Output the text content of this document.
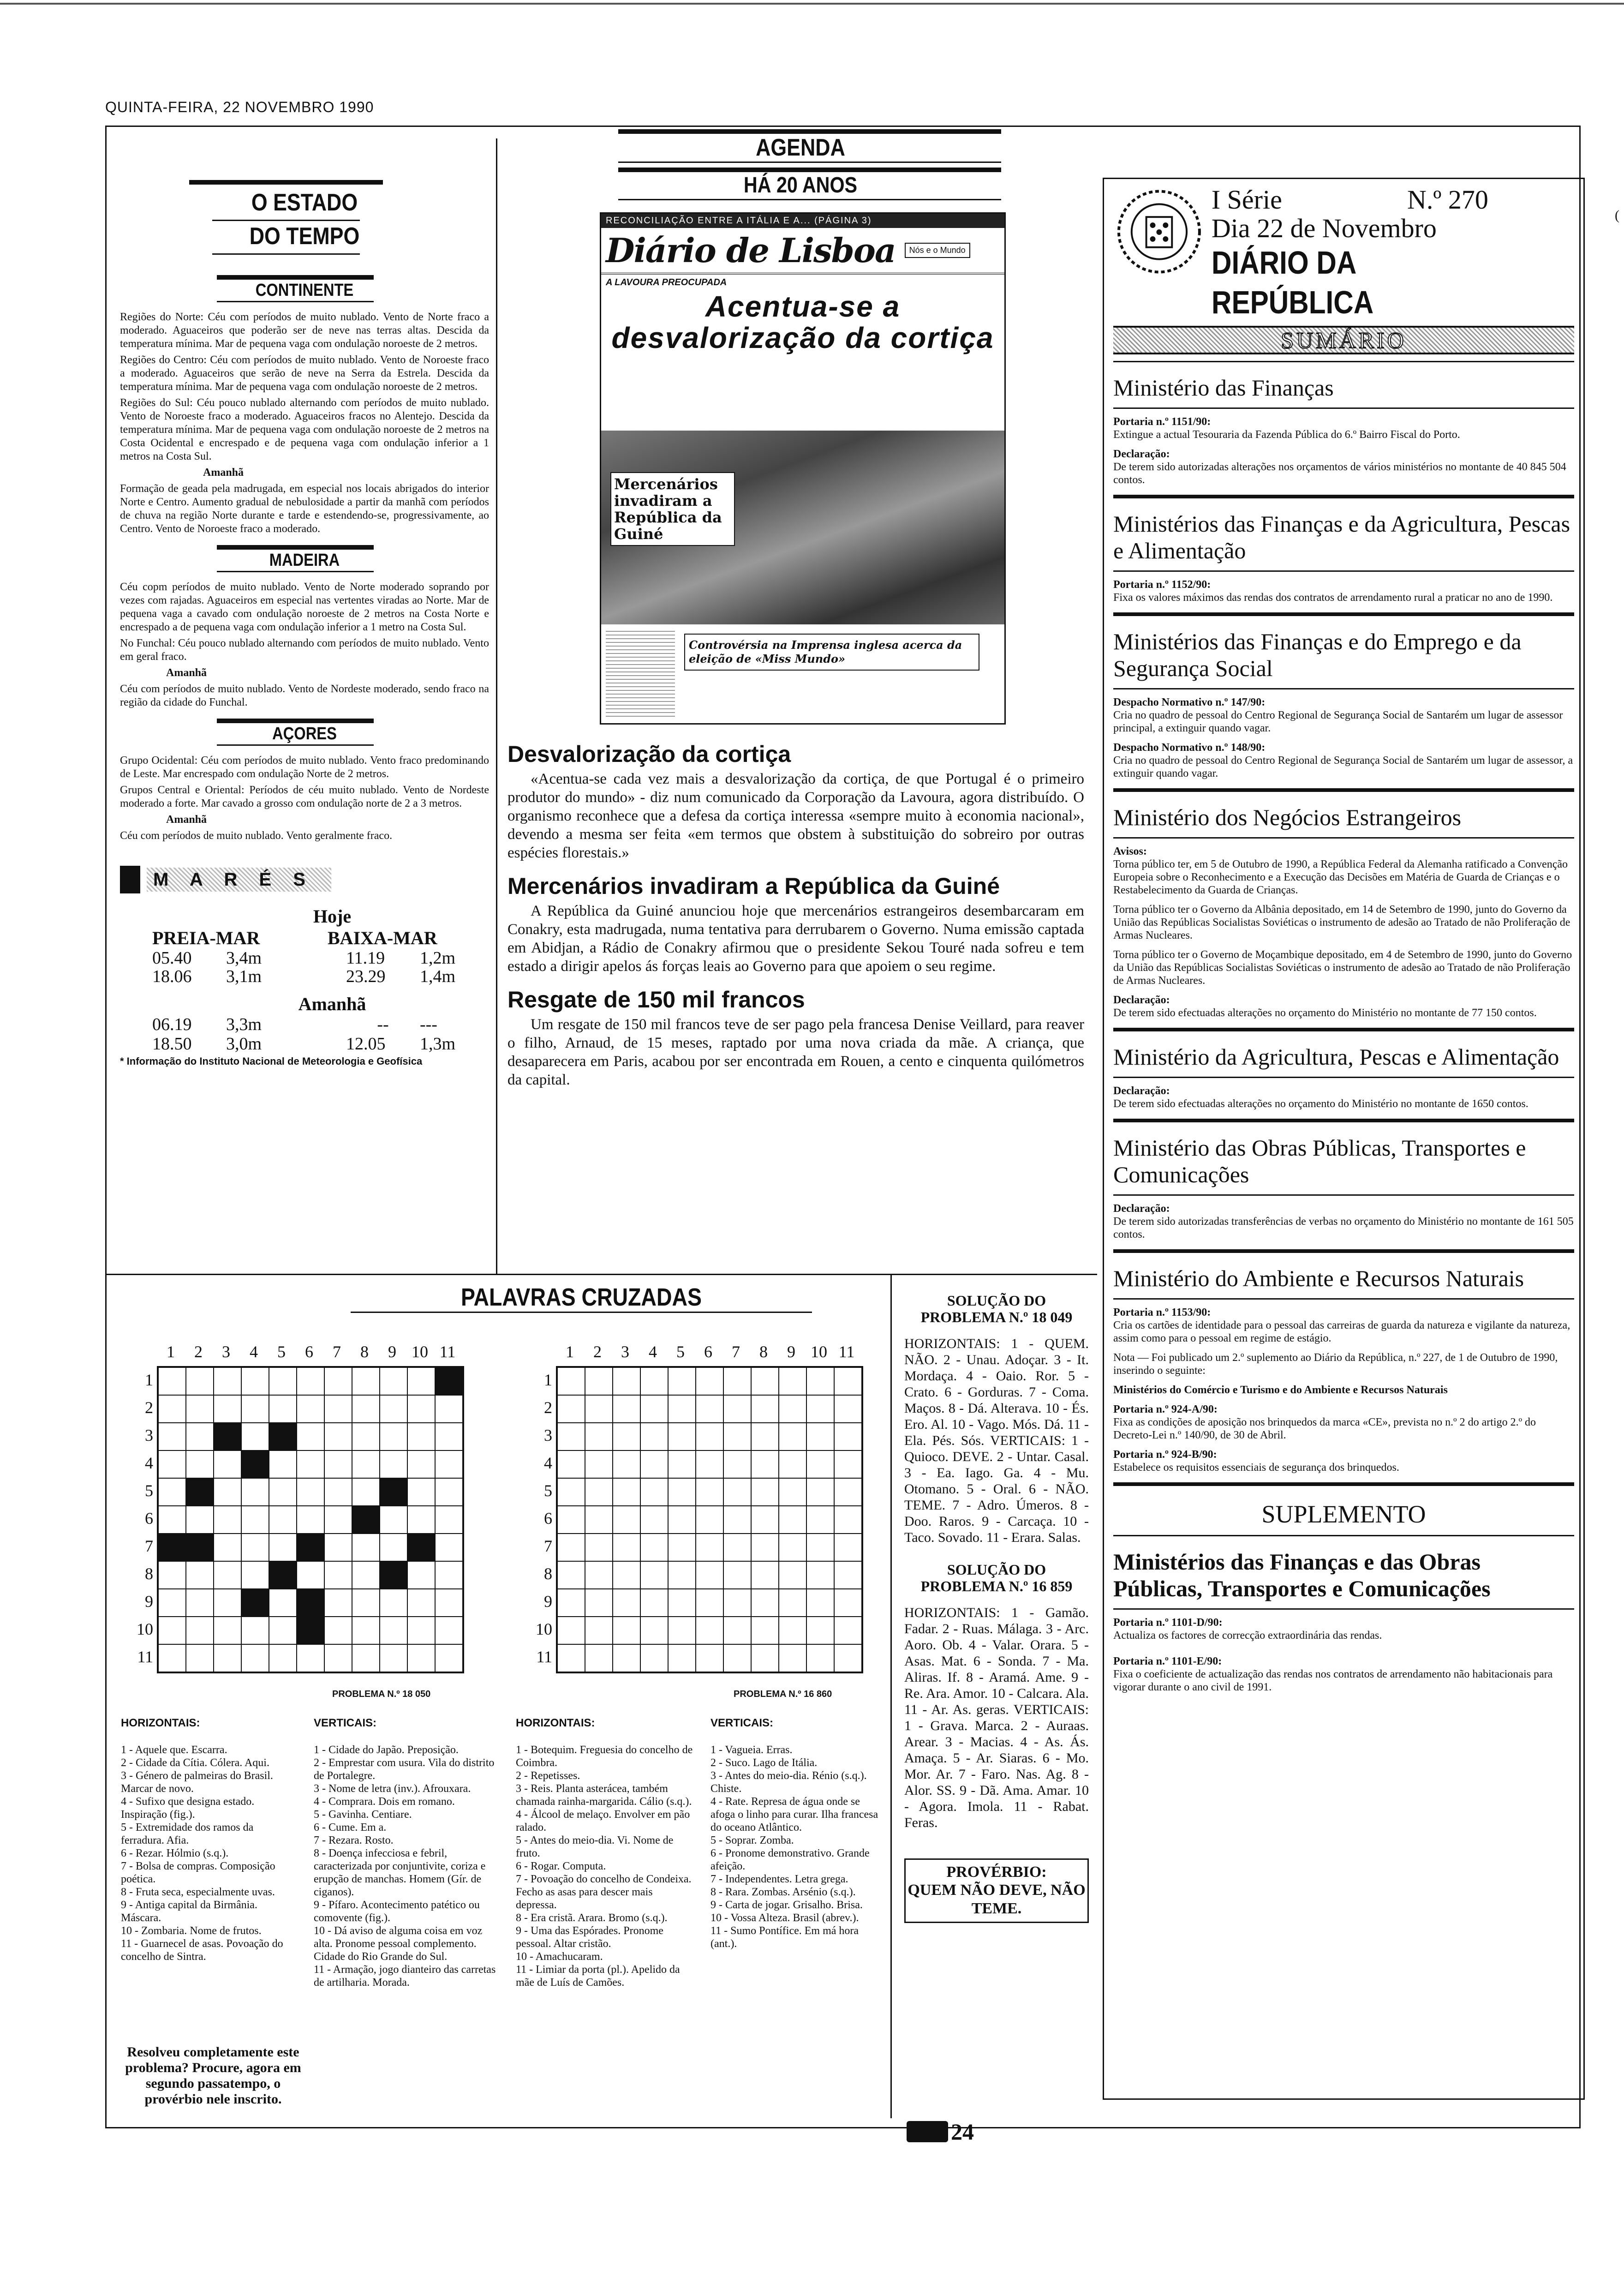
QUINTA-FEIRA, 22 NOVEMBRO 1990
O ESTADO
DO TEMPO
CONTINENTE

Regiões do Norte: Céu com períodos de muito nublado. Vento de Norte fraco a moderado. Aguaceiros que poderão ser de neve nas terras altas. Descida da temperatura mínima. Mar de pequena vaga com ondulação noroeste de 2 metros.

Regiões do Centro: Céu com períodos de muito nublado. Vento de Noroeste fraco a moderado. Aguaceiros que serão de neve na Serra da Estrela. Descida da temperatura mínima. Mar de pequena vaga com ondulação noroeste de 2 metros.

Regiões do Sul: Céu pouco nublado alternando com períodos de muito nublado. Vento de Noroeste fraco a moderado. Aguaceiros fracos no Alentejo. Descida da temperatura mínima. Mar de pequena vaga com ondulação noroeste de 2 metros na Costa Ocidental e encrespado e de pequena vaga com ondulação inferior a 1 metros na Costa Sul.

Amanhã

Formação de geada pela madrugada, em especial nos locais abrigados do interior Norte e Centro. Aumento gradual de nebulosidade a partir da manhã com períodos de chuva na região Norte durante e tarde e estendendo-se, progressivamente, ao Centro. Vento de Noroeste fraco a moderado.

MADEIRA

Céu copm períodos de muito nublado. Vento de Norte moderado soprando por vezes com rajadas. Aguaceiros em especial nas vertentes viradas ao Norte. Mar de pequena vaga a cavado com ondulação noroeste de 2 metros na Costa Norte e encrespado a de pequena vaga com ondulação inferior a 1 metro na Costa Sul.

No Funchal: Céu pouco nublado alternando com períodos de muito nublado. Vento em geral fraco.

Amanhã

Céu com períodos de muito nublado. Vento de Nordeste moderado, sendo fraco na região da cidade do Funchal.

AÇORES

Grupo Ocidental: Céu com períodos de muito nublado. Vento fraco predominando de Leste. Mar encrespado com ondulação Norte de 2 metros.

Grupos Central e Oriental: Períodos de céu muito nublado. Vento de Nordeste moderado a forte. Mar cavado a grosso com ondulação norte de 2 a 3 metros.

Amanhã

Céu com períodos de muito nublado. Vento geralmente fraco.

M A R É S
Hoje
PREIA-MAR	BAIXA-MAR
05.40	3,4m	11.19	1,2m
18.06	3,1m	23.29	1,4m
Amanhã
06.19	3,3m	--	---
18.50	3,0m	12.05	1,3m
* Informação do Instituto Nacional de Meteorologia e Geofísica
AGENDA
HÁ 20 ANOS
RECONCILIAÇÃO ENTRE A ITÁLIA E A... (PÁGINA 3)
Diário de Lisboa	Nós e o Mundo
A LAVOURA PREOCUPADA
Acentua-se a desvalorização da cortiça
Mercenários invadiram a República da Guiné
Controvérsia na Imprensa inglesa acerca da eleição de «Miss Mundo»
Desvalorização da cortiça
«Acentua-se cada vez mais a desvalorização da cortiça, de que Portugal é o primeiro produtor do mundo» - diz num comunicado da Corporação da Lavoura, agora distribuído. O organismo reconhece que a defesa da cortiça interessa «sempre muito à economia nacional», devendo a mesma ser feita «em termos que obstem à substituição do sobreiro por outras espécies florestais.»
Mercenários invadiram a República da Guiné
A República da Guiné anunciou hoje que mercenários estrangeiros desembarcaram em Conakry, esta madrugada, numa tentativa para derrubarem o Governo. Numa emissão captada em Abidjan, a Rádio de Conakry afirmou que o presidente Sekou Touré nada sofreu e tem estado a dirigir apelos ás forças leais ao Governo para que apoiem o seu regime.
Resgate de 150 mil francos
Um resgate de 150 mil francos teve de ser pago pela francesa Denise Veillard, para reaver o filho, Arnaud, de 15 meses, raptado por uma nova criada da mãe. A criança, que desaparecera em Paris, acabou por ser encontrada em Rouen, a cento e cinquenta quilómetros da capital.
PALAVRAS CRUZADAS
1	2	3	4	5	6	7	8	9 10 11
1
2
3
4
5
6
7
8
9
10
11
1	2	3	4	5	6	7	8	9 10 11
1
2
3
4
5
6
7
8
9
10
11
PROBLEMA N.º 18 050	PROBLEMA N.º 16 860
HORIZONTAIS:
1 - Aquele que. Escarra.
2 - Cidade da Cítia. Cólera. Aqui.
3 - Género de palmeiras do Brasil. Marcar de novo.
4 - Sufixo que designa estado. Inspiração (fig.).
5 - Extremidade dos ramos da ferradura. Afia.
6 - Rezar. Hólmio (s.q.).
7 - Bolsa de compras. Composição poética.
8 - Fruta seca, especialmente uvas.
9 - Antiga capital da Birmânia. Máscara.
10 - Zombaria. Nome de frutos.
11 - Guarnecel de asas. Povoação do concelho de Sintra.
VERTICAIS:
1 - Cidade do Japão. Preposição.
2 - Emprestar com usura. Vila do distrito de Portalegre.
3 - Nome de letra (inv.). Afrouxara.
4 - Comprara. Dois em romano.
5 - Gavinha. Centiare.
6 - Cume. Em a.
7 - Rezara. Rosto.
8 - Doença infecciosa e febril, caracterizada por conjuntivite, coriza e erupção de manchas. Homem (Gír. de ciganos).
9 - Pífaro. Acontecimento patético ou comovente (fig.).
10 - Dá aviso de alguma coisa em voz alta. Pronome pessoal complemento. Cidade do Rio Grande do Sul.
11 - Armação, jogo dianteiro das carretas de artilharia. Morada.
HORIZONTAIS:
1 - Botequim. Freguesia do concelho de Coimbra.
2 - Repetisses.
3 - Reis. Planta asterácea, também chamada rainha-margarida. Cálio (s.q.).
4 - Álcool de melaço. Envolver em pão ralado.
5 - Antes do meio-dia. Vi. Nome de fruto.
6 - Rogar. Computa.
7 - Povoação do concelho de Condeixa. Fecho as asas para descer mais depressa.
8 - Era cristã. Arara. Bromo (s.q.).
9 - Uma das Espórades. Pronome pessoal. Altar cristão.
10 - Amachucaram.
11 - Limiar da porta (pl.). Apelido da mãe de Luís de Camões.
VERTICAIS:
1 - Vagueia. Erras.
2 - Suco. Lago de Itália.
3 - Antes do meio-dia. Rénio (s.q.). Chiste.
4 - Rate. Represa de água onde se afoga o linho para curar. Ilha francesa do oceano Atlântico.
5 - Soprar. Zomba.
6 - Pronome demonstrativo. Grande afeição.
7 - Independentes. Letra grega.
8 - Rara. Zombas. Arsénio (s.q.).
9 - Carta de jogar. Grisalho. Brisa.
10 - Vossa Alteza. Brasil (abrev.).
11 - Sumo Pontífice. Em má hora (ant.).
Resolveu completamente este problema? Procure, agora em segundo passatempo, o provérbio nele inscrito.
SOLUÇÃO DO PROBLEMA N.º 18 049
HORIZONTAIS: 1 - QUEM. NÃO. 2 - Unau. Adoçar. 3 - It. Mordaça. 4 - Oaio. Ror. 5 - Crato. 6 - Gorduras. 7 - Coma. Maços. 8 - Dá. Alterava. 10 - És. Ero. Al. 10 - Vago. Mós. Dá. 11 - Ela. Pés. Sós. VERTICAIS: 1 - Quioco. DEVE. 2 - Untar. Casal. 3 - Ea. Iago. Ga. 4 - Mu. Otomano. 5 - Oral. 6 - NÃO. TEME. 7 - Adro. Úmeros. 8 - Doo. Raros. 9 - Carcaça. 10 - Taco. Sovado. 11 - Erara. Salas.
SOLUÇÃO DO PROBLEMA N.º 16 859
HORIZONTAIS: 1 - Gamão. Fadar. 2 - Ruas. Málaga. 3 - Arc. Aoro. Ob. 4 - Valar. Orara. 5 - Asas. Mat. 6 - Sonda. 7 - Ma. Aliras. If. 8 - Aramá. Ame. 9 - Re. Ara. Amor. 10 - Calcara. Ala. 11 - Ar. As. geras. VERTICAIS: 1 - Grava. Marca. 2 - Auraas. Arear. 3 - Macias. 4 - As. Ás. Amaça. 5 - Ar. Siaras. 6 - Mo. Mor. Ar. 7 - Faro. Nas. Ag. 8 - Alor. SS. 9 - Dã. Ama. Amar. 10 - Agora. Imola. 11 - Rabat. Feras.
PROVÉRBIO:
QUEM NÃO DEVE, NÃO TEME.
24
I Série	N.º 270
Dia 22 de Novembro
DIÁRIO DA REPÚBLICA
SUMÁRIO
Ministério das Finanças
Portaria n.º 1151/90:
Extingue a actual Tesouraria da Fazenda Pública do 6.º Bairro Fiscal do Porto.
Declaração:
De terem sido autorizadas alterações nos orçamentos de vários ministérios no montante de 40 845 504 contos.
Ministérios das Finanças e da Agricultura, Pescas e Alimentação
Portaria n.º 1152/90:
Fixa os valores máximos das rendas dos contratos de arrendamento rural a praticar no ano de 1990.
Ministérios das Finanças e do Emprego e da Segurança Social
Despacho Normativo n.º 147/90:
Cria no quadro de pessoal do Centro Regional de Segurança Social de Santarém um lugar de assessor principal, a extinguir quando vagar.
Despacho Normativo n.º 148/90:
Cria no quadro de pessoal do Centro Regional de Segurança Social de Santarém um lugar de assessor, a extinguir quando vagar.
Ministério dos Negócios Estrangeiros
Avisos:
Torna público ter, em 5 de Outubro de 1990, a República Federal da Alemanha ratificado a Convenção Europeia sobre o Reconhecimento e a Execução das Decisões em Matéria de Guarda de Crianças e o Restabelecimento da Guarda de Crianças.
Torna público ter o Governo da Albânia depositado, em 14 de Setembro de 1990, junto do Governo da União das Repúblicas Socialistas Soviéticas o instrumento de adesão ao Tratado de não Proliferação de Armas Nucleares.
Torna público ter o Governo de Moçambique depositado, em 4 de Setembro de 1990, junto do Governo da União das Repúblicas Socialistas Soviéticas o instrumento de adesão ao Tratado de não Proliferação de Armas Nucleares.
Declaração:
De terem sido efectuadas alterações no orçamento do Ministério no montante de 77 150 contos.
Ministério da Agricultura, Pescas e Alimentação
Declaração:
De terem sido efectuadas alterações no orçamento do Ministério no montante de 1650 contos.
Ministério das Obras Públicas, Transportes e Comunicações
Declaração:
De terem sido autorizadas transferências de verbas no orçamento do Ministério no montante de 161 505 contos.
Ministério do Ambiente e Recursos Naturais
Portaria n.º 1153/90:
Cria os cartões de identidade para o pessoal das carreiras de guarda da natureza e vigilante da natureza, assim como para o pessoal em regime de estágio.
Nota — Foi publicado um 2.º suplemento ao Diário da República, n.º 227, de 1 de Outubro de 1990, inserindo o seguinte:
Ministérios do Comércio e Turismo e do Ambiente e Recursos Naturais
Portaria n.º 924-A/90:
Fixa as condições de aposição nos brinquedos da marca «CE», prevista no n.º 2 do artigo 2.º do Decreto-Lei n.º 140/90, de 30 de Abril.
Portaria n.º 924-B/90:
Estabelece os requisitos essenciais de segurança dos brinquedos.
SUPLEMENTO
Ministérios das Finanças e das Obras Públicas, Transportes e Comunicações
Portaria n.º 1101-D/90:
Actualiza os factores de correcção extraordinária das rendas.
Portaria n.º 1101-E/90:
Fixa o coeficiente de actualização das rendas nos contratos de arrendamento não habitacionais para vigorar durante o ano civil de 1991.
(
